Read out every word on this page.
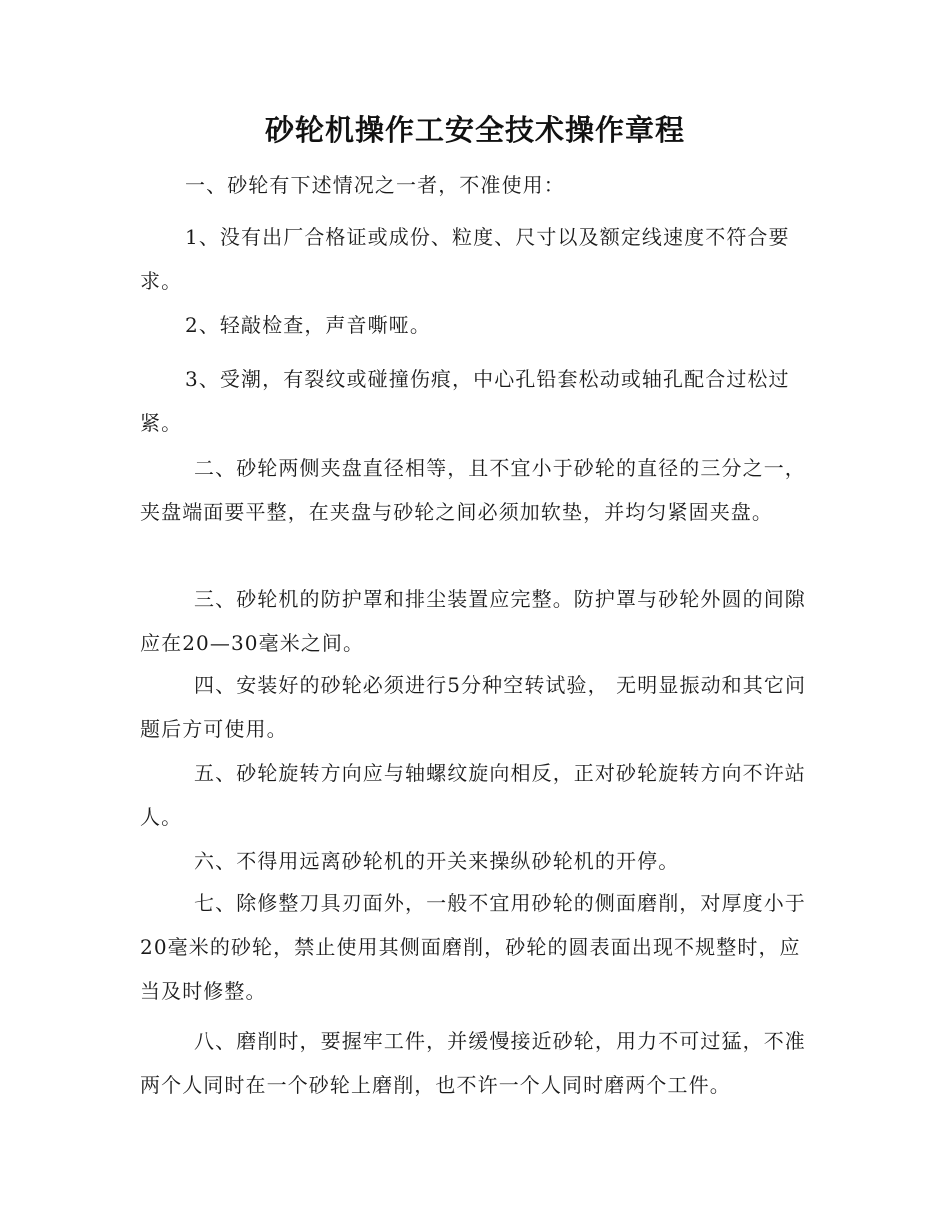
砂轮机操作工安全技术操作章程
一、砂轮有下述情况之一者，不准使用：
1、没有出厂合格证或成份、粒度、尺寸以及额定线速度不符合要求。
2、轻敲检查，声音嘶哑。
3、受潮，有裂纹或碰撞伤痕，中心孔铅套松动或轴孔配合过松过紧。
二、砂轮两侧夹盘直径相等，且不宜小于砂轮的直径的三分之一，夹盘端面要平整，在夹盘与砂轮之间必须加软垫，并均匀紧固夹盘。
三、砂轮机的防护罩和排尘装置应完整。防护罩与砂轮外圆的间隙应在20—30毫米之间。
四、安装好的砂轮必须进行5分种空转试验， 无明显振动和其它问题后方可使用。
五、砂轮旋转方向应与轴螺纹旋向相反，正对砂轮旋转方向不许站人。
六、不得用远离砂轮机的开关来操纵砂轮机的开停。
七、除修整刀具刃面外，一般不宜用砂轮的侧面磨削，对厚度小于20毫米的砂轮，禁止使用其侧面磨削，砂轮的圆表面出现不规整时，应当及时修整。
八、磨削时，要握牢工件，并缓慢接近砂轮，用力不可过猛，不准两个人同时在一个砂轮上磨削，也不许一个人同时磨两个工件。
